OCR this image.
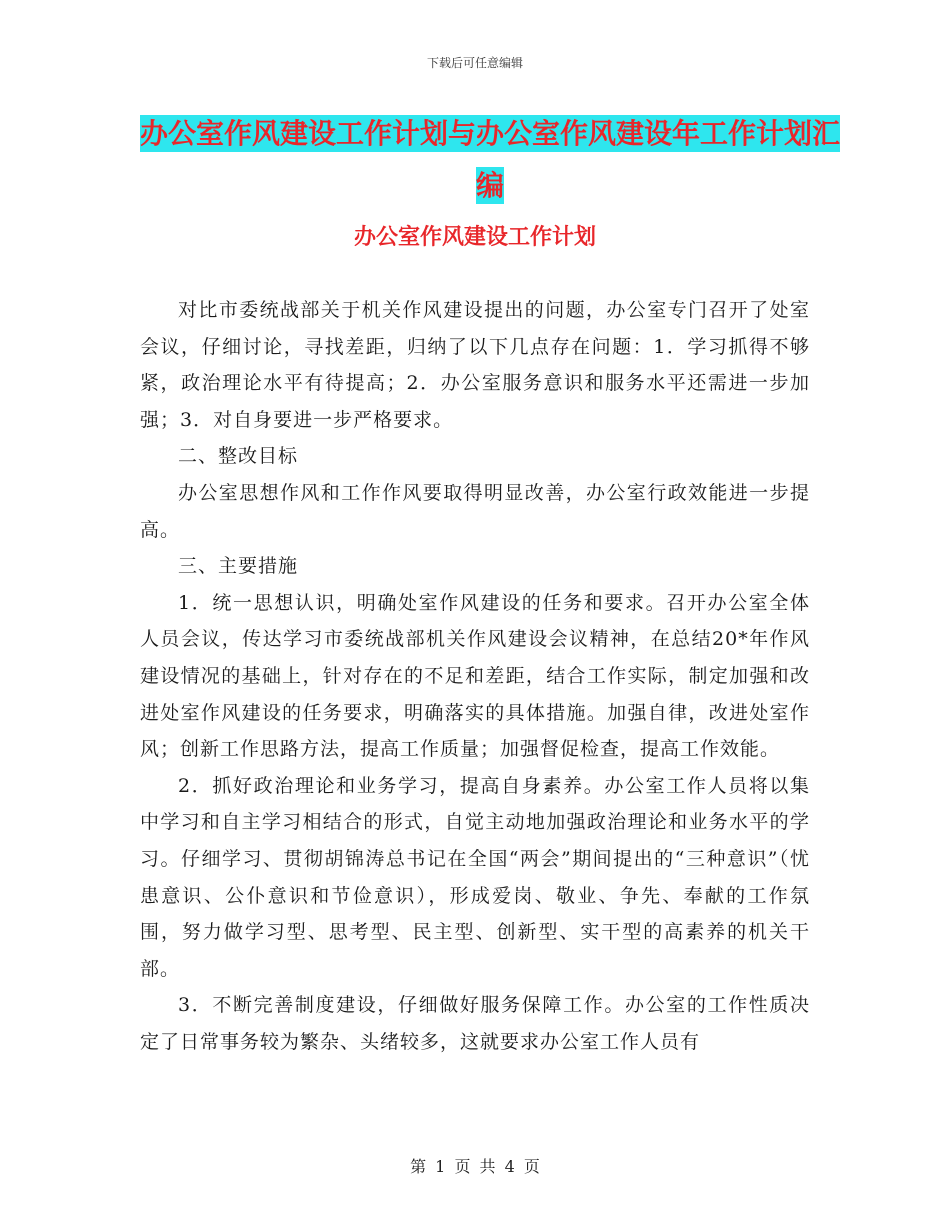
下载后可任意编辑
办公室作风建设工作计划与办公室作风建设年工作计划汇编
办公室作风建设工作计划

对比市委统战部关于机关作风建设提出的问题，办公室专门召开了处室会议，仔细讨论，寻找差距，归纳了以下几点存在问题：1．学习抓得不够紧，政治理论水平有待提高；2．办公室服务意识和服务水平还需进一步加强；3．对自身要进一步严格要求。

二、整改目标

办公室思想作风和工作作风要取得明显改善，办公室行政效能进一步提高。

三、主要措施

1．统一思想认识，明确处室作风建设的任务和要求。召开办公室全体人员会议，传达学习市委统战部机关作风建设会议精神，在总结20*年作风建设情况的基础上，针对存在的不足和差距，结合工作实际，制定加强和改进处室作风建设的任务要求，明确落实的具体措施。加强自律，改进处室作风；创新工作思路方法，提高工作质量；加强督促检查，提高工作效能。

2．抓好政治理论和业务学习，提高自身素养。办公室工作人员将以集中学习和自主学习相结合的形式，自觉主动地加强政治理论和业务水平的学习。仔细学习、贯彻胡锦涛总书记在全国“两会”期间提出的“三种意识”（忧患意识、公仆意识和节俭意识），形成爱岗、敬业、争先、奉献的工作氛围，努力做学习型、思考型、民主型、创新型、实干型的高素养的机关干部。

3．不断完善制度建设，仔细做好服务保障工作。办公室的工作性质决定了日常事务较为繁杂、头绪较多，这就要求办公室工作人员有

第 1 页 共 4 页
